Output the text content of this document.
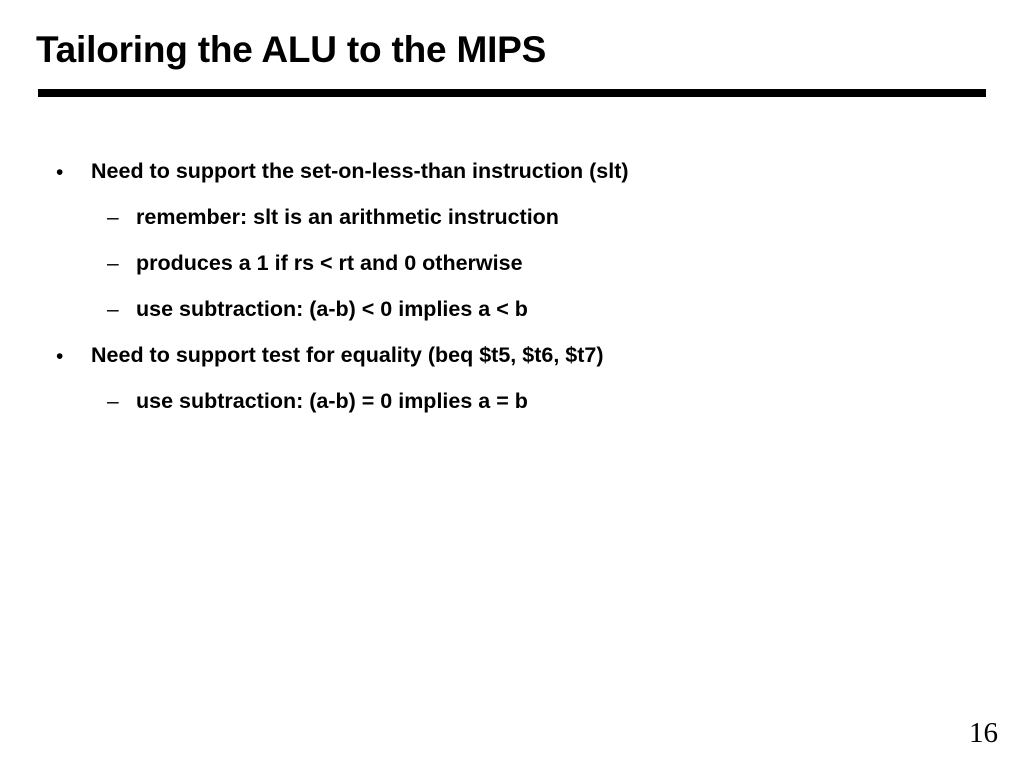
Tailoring the ALU to the MIPS
• Need to support the set-on-less-than instruction (slt)
– remember: slt is an arithmetic instruction
– produces a 1 if rs < rt and 0 otherwise
– use subtraction: (a-b) < 0 implies a < b
• Need to support test for equality (beq $t5, $t6, $t7)
– use subtraction: (a-b) = 0 implies a = b
16
